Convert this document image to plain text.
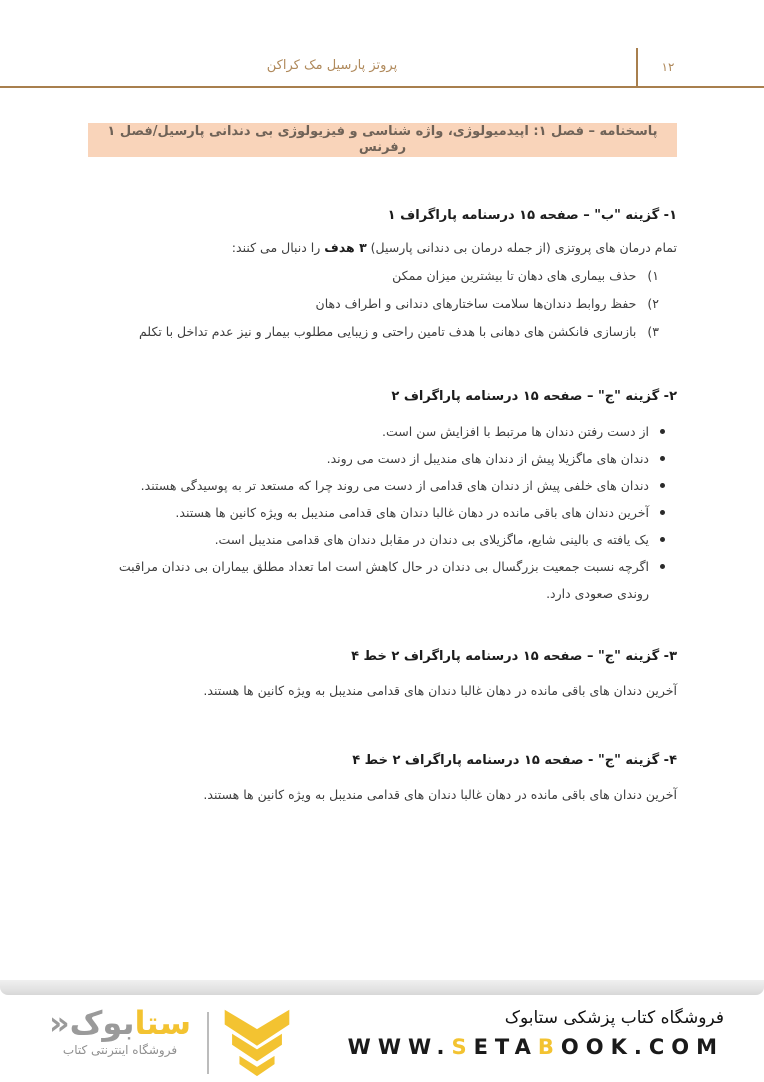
پروتز پارسیل مک کراکن	۱۲
پاسخنامه – فصل ۱: اپیدمیولوژی، واژه شناسی و فیزیولوژی بی دندانی پارسیل/فصل ۱ رفرنس
۱- گزینه "ب" – صفحه ۱۵ درسنامه پاراگراف ۱
تمام درمان های پروتزی (از جمله درمان بی دندانی پارسیل) ۳ هدف را دنبال می کنند:
۱)
حذف بیماری های دهان تا بیشترین میزان ممکن
۲)
حفظ روابط دندان‌ها سلامت ساختارهای دندانی و اطراف دهان
۳)
بازسازی فانکشن های دهانی با هدف تامین راحتی و زیبایی مطلوب بیمار و نیز عدم تداخل با تکلم
۲- گزینه "ج" – صفحه ۱۵ درسنامه پاراگراف ۲
از دست رفتن دندان ها مرتبط با افزایش سن است.
دندان های ماگزیلا پیش از دندان های مندیبل از دست می روند.
دندان های خلفی پیش از دندان های قدامی از دست می روند چرا که مستعد تر به پوسیدگی هستند.
آخرین دندان های باقی مانده در دهان غالبا دندان های قدامی مندیبل به ویژه کانین ها هستند.
یک یافته ی بالینی شایع، ماگزیلای بی دندان در مقابل دندان های قدامی مندیبل است.
اگرچه نسبت جمعیت بزرگسال بی دندان در حال کاهش است اما تعداد مطلق بیماران بی دندان مراقبت روندی صعودی دارد.
۳- گزینه "ج" – صفحه ۱۵ درسنامه پاراگراف ۲ خط ۴
آخرین دندان های باقی مانده در دهان غالبا دندان های قدامی مندیبل به ویژه کانین ها هستند.
۴- گزینه "ج" - صفحه ۱۵ درسنامه پاراگراف ۲ خط ۴
آخرین دندان های باقی مانده در دهان غالبا دندان های قدامی مندیبل به ویژه کانین ها هستند.
ستابوک«
فروشگاه اینترنتی کتاب
فروشگاه کتاب پزشکی ستابوک
WWW.SETABOOK.COM
